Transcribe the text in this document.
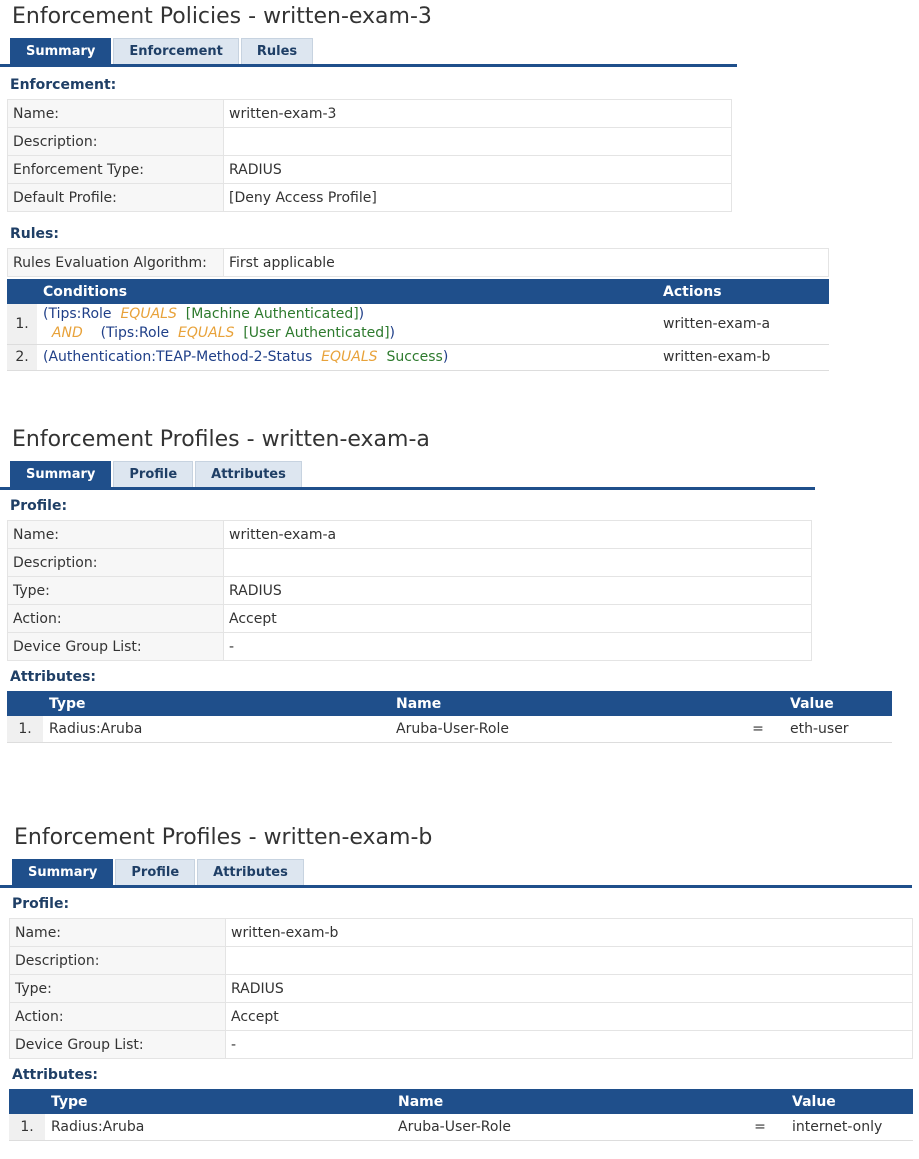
Enforcement Policies - written-exam-3
Summary	Enforcement	Rules
Enforcement:
Name:	written-exam-3
Description:	
Enforcement Type:	RADIUS
Default Profile:	[Deny Access Profile]
Rules:
Rules Evaluation Algorithm:	First applicable
	Conditions	Actions
1.	(Tips:Role EQUALS [Machine Authenticated])
AND (Tips:Role EQUALS [User Authenticated])	written-exam-a
2.	(Authentication:TEAP-Method-2-Status EQUALS Success)	written-exam-b
Enforcement Profiles - written-exam-a
Summary	Profile	Attributes
Profile:
Name:	written-exam-a
Description:	
Type:	RADIUS
Action:	Accept
Device Group List:	-
Attributes:
	Type	Name		Value
1.	Radius:Aruba	Aruba-User-Role	=	eth-user
Enforcement Profiles - written-exam-b
Summary	Profile	Attributes
Profile:
Name:	written-exam-b
Description:	
Type:	RADIUS
Action:	Accept
Device Group List:	-
Attributes:
	Type	Name		Value
1.	Radius:Aruba	Aruba-User-Role	=	internet-only
